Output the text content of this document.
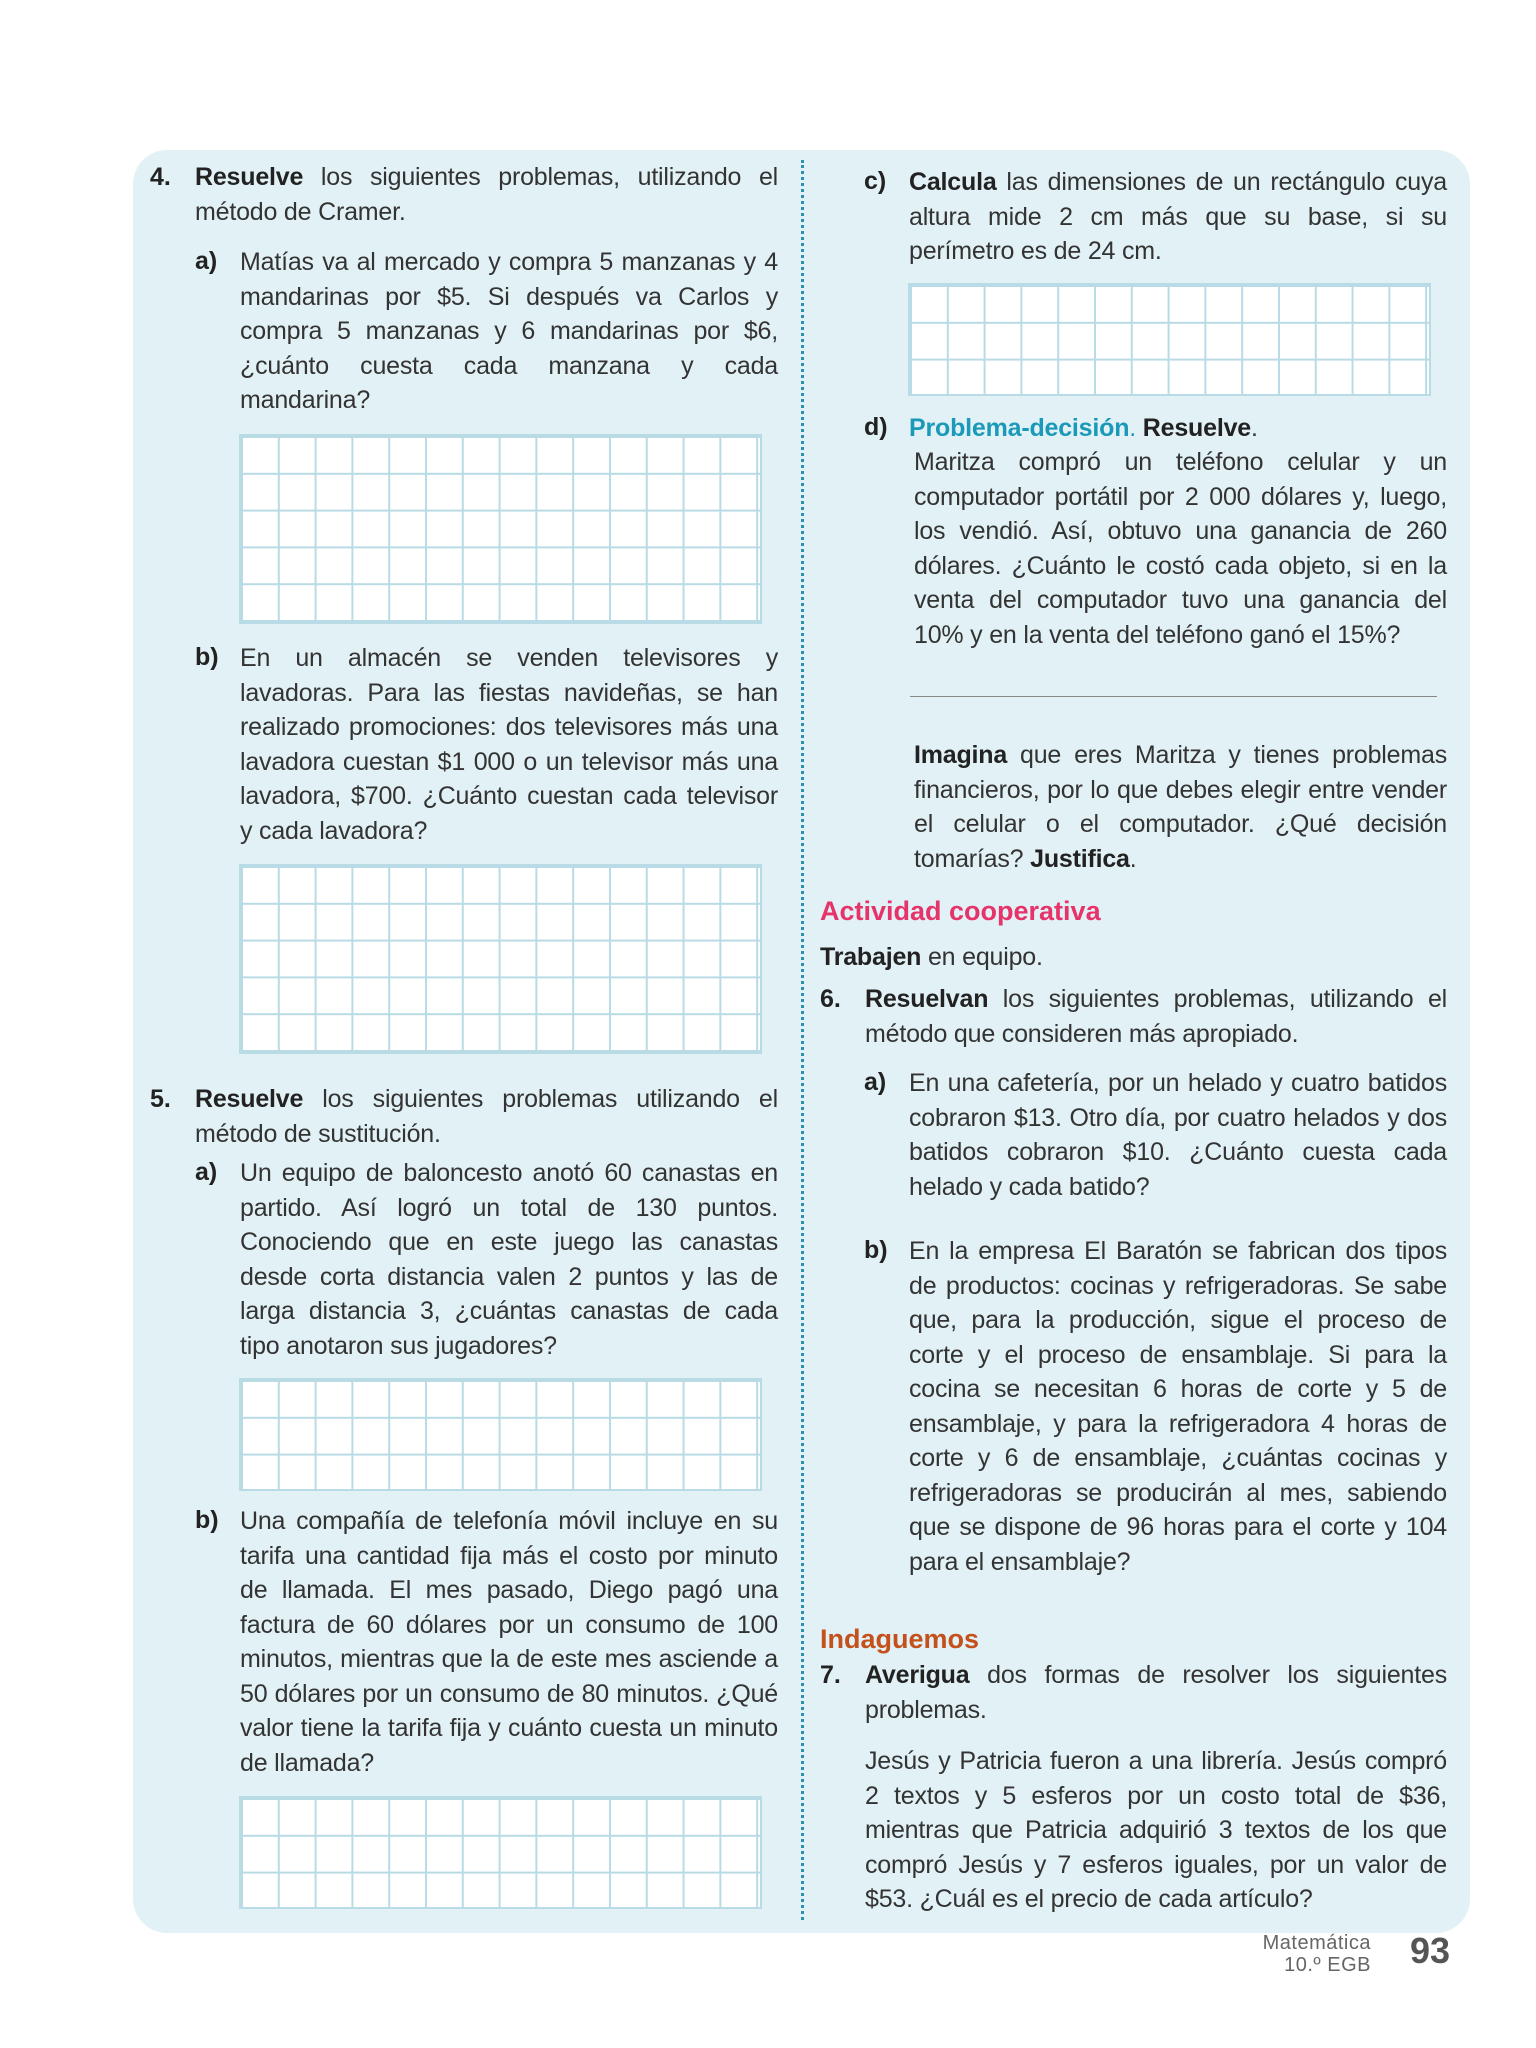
4. Resuelve los siguientes problemas, utilizando el método de Cramer.

a) Matías va al mercado y compra 5 manzanas y 4 mandarinas por $5. Si después va Carlos y compra 5 manzanas y 6 mandarinas por $6, ¿cuánto cuesta cada manzana y cada mandarina?

b) En un almacén se venden televisores y lavadoras. Para las fiestas navideñas, se han realizado promociones: dos televisores más una lavadora cuestan $1 000 o un televisor más una lavadora, $700. ¿Cuánto cuestan cada televisor y cada lavadora?

5. Resuelve los siguientes problemas utilizando el método de sustitución.

a) Un equipo de baloncesto anotó 60 canastas en partido. Así logró un total de 130 puntos. Conociendo que en este juego las canastas desde corta distancia valen 2 puntos y las de larga distancia 3, ¿cuántas canastas de cada tipo anotaron sus jugadores?

b) Una compañía de telefonía móvil incluye en su tarifa una cantidad fija más el costo por minuto de llamada. El mes pasado, Diego pagó una factura de 60 dólares por un consumo de 100 minutos, mientras que la de este mes asciende a 50 dólares por un consumo de 80 minutos. ¿Qué valor tiene la tarifa fija y cuánto cuesta un minuto de llamada?

c) Calcula las dimensiones de un rectángulo cuya altura mide 2 cm más que su base, si su perímetro es de 24 cm.

d) Problema-decisión. Resuelve.

Maritza compró un teléfono celular y un computador portátil por 2 000 dólares y, luego, los vendió. Así, obtuvo una ganancia de 260 dólares. ¿Cuánto le costó cada objeto, si en la venta del computador tuvo una ganancia del 10% y en la venta del teléfono ganó el 15%?

Imagina que eres Maritza y tienes problemas financieros, por lo que debes elegir entre vender el celular o el computador. ¿Qué decisión tomarías? Justifica.

Actividad cooperativa

Trabajen en equipo.

6. Resuelvan los siguientes problemas, utilizando el método que consideren más apropiado.

a) En una cafetería, por un helado y cuatro batidos cobraron $13. Otro día, por cuatro helados y dos batidos cobraron $10. ¿Cuánto cuesta cada helado y cada batido?

b) En la empresa El Baratón se fabrican dos tipos de productos: cocinas y refrigeradoras. Se sabe que, para la producción, sigue el proceso de corte y el proceso de ensamblaje. Si para la cocina se necesitan 6 horas de corte y 5 de ensamblaje, y para la refrigeradora 4 horas de corte y 6 de ensamblaje, ¿cuántas cocinas y refrigeradoras se producirán al mes, sabiendo que se dispone de 96 horas para el corte y 104 para el ensamblaje?

Indaguemos

7. Averigua dos formas de resolver los siguientes problemas.

Jesús y Patricia fueron a una librería. Jesús compró 2 textos y 5 esferos por un costo total de $36, mientras que Patricia adquirió 3 textos de los que compró Jesús y 7 esferos iguales, por un valor de $53. ¿Cuál es el precio de cada artículo?

Matemática
10.º EGB 93
